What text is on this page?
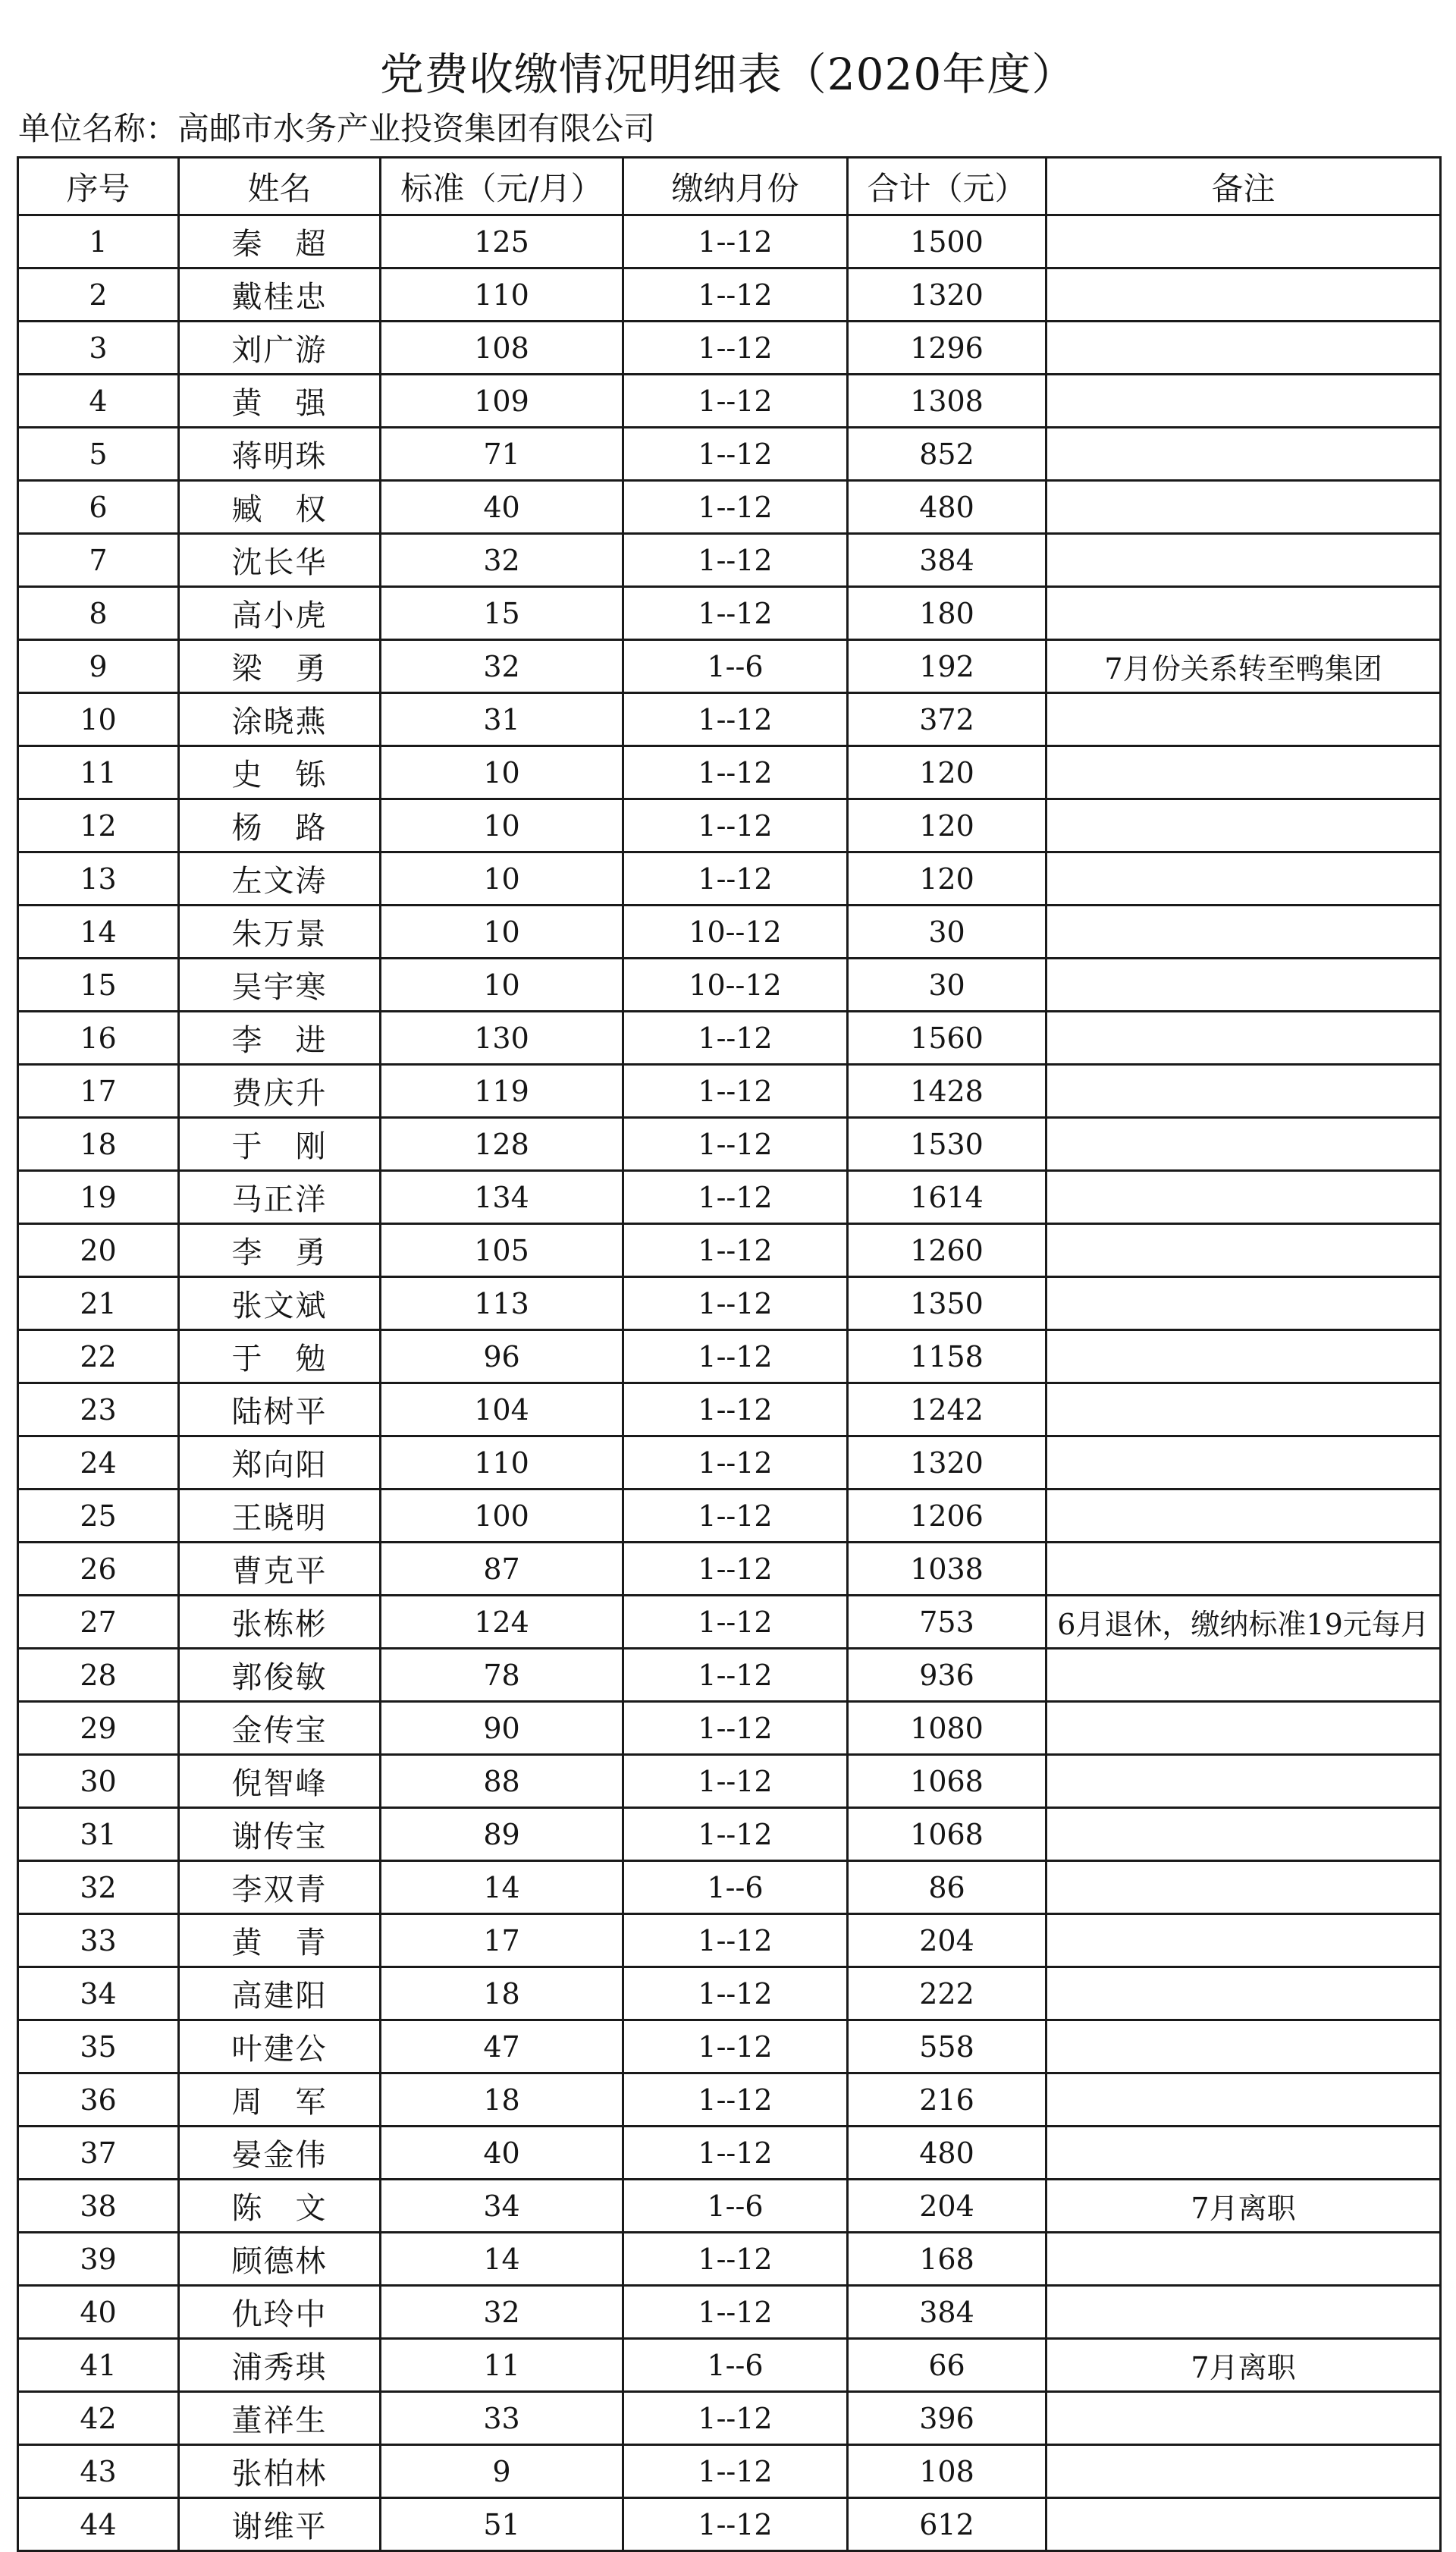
党费收缴情况明细表（2020年度）
单位名称：高邮市水务产业投资集团有限公司
序号	姓名	标准（元/月）	缴纳月份	合计（元）	备注
1	秦　超	125	1--12	1500	
2	戴桂忠	110	1--12	1320	
3	刘广游	108	1--12	1296	
4	黄　强	109	1--12	1308	
5	蒋明珠	71	1--12	852	
6	臧　权	40	1--12	480	
7	沈长华	32	1--12	384	
8	高小虎	15	1--12	180	
9	梁　勇	32	1--6	192	7月份关系转至鸭集团
10	涂晓燕	31	1--12	372	
11	史　铄	10	1--12	120	
12	杨　路	10	1--12	120	
13	左文涛	10	1--12	120	
14	朱万景	10	10--12	30	
15	吴宇寒	10	10--12	30	
16	李　进	130	1--12	1560	
17	费庆升	119	1--12	1428	
18	于　刚	128	1--12	1530	
19	马正洋	134	1--12	1614	
20	李　勇	105	1--12	1260	
21	张文斌	113	1--12	1350	
22	于　勉	96	1--12	1158	
23	陆树平	104	1--12	1242	
24	郑向阳	110	1--12	1320	
25	王晓明	100	1--12	1206	
26	曹克平	87	1--12	1038	
27	张栋彬	124	1--12	753	6月退休，缴纳标准19元每月
28	郭俊敏	78	1--12	936	
29	金传宝	90	1--12	1080	
30	倪智峰	88	1--12	1068	
31	谢传宝	89	1--12	1068	
32	李双青	14	1--6	86	
33	黄　青	17	1--12	204	
34	高建阳	18	1--12	222	
35	叶建公	47	1--12	558	
36	周　军	18	1--12	216	
37	晏金伟	40	1--12	480	
38	陈　文	34	1--6	204	7月离职
39	顾德林	14	1--12	168	
40	仇玲中	32	1--12	384	
41	浦秀琪	11	1--6	66	7月离职
42	董祥生	33	1--12	396	
43	张柏林	9	1--12	108	
44	谢维平	51	1--12	612	
